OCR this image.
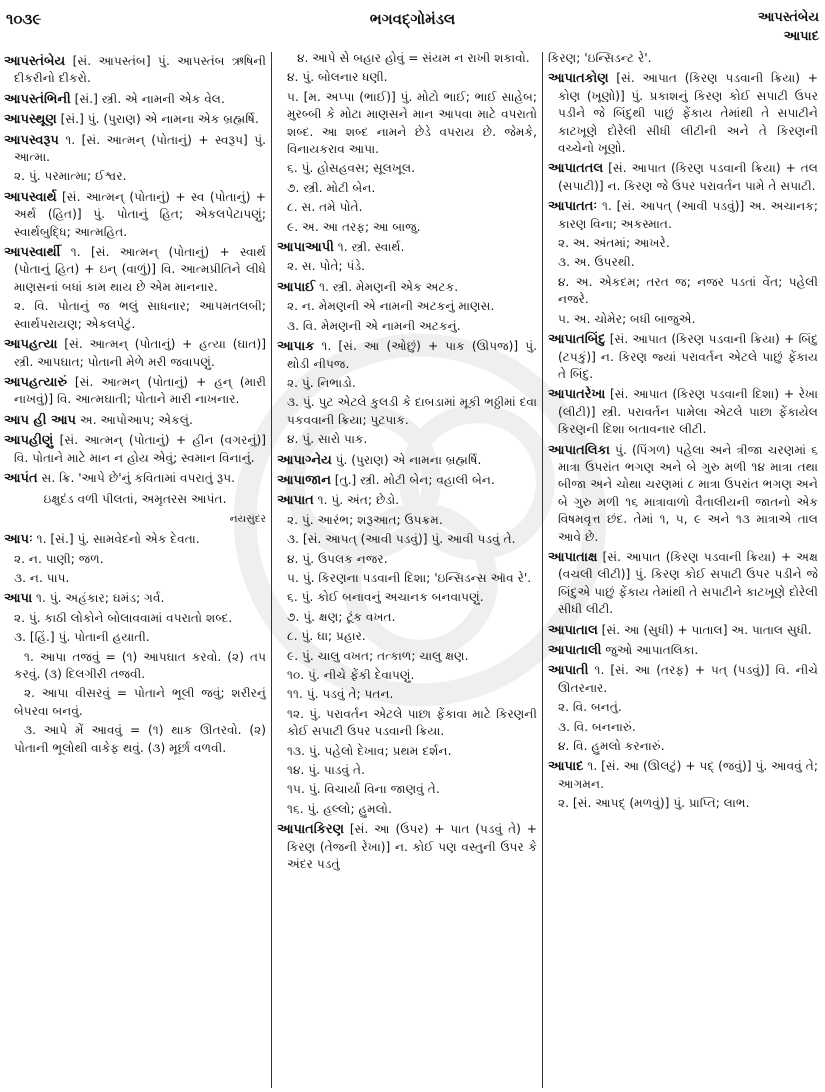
૧૦૩૯	ભગવદ્ગોમંડલ	આપસ્તંબેય
આપાદ

આપસ્તંબેય [સં. આપસ્તંબ] પું. આપસ્તંબ ઋષિની દીકરીનો દીકરો.

આપસ્તંભિની [સં.] સ્ત્રી. એ નામની એક વેલ.

આપસ્થૂણ [સં.] પું. (પુરાણ) એ નામના એક બ્રહ્મર્ષિ.

આપસ્વરૂપ ૧. [સં. આત્મન્ (પોતાનું) + સ્વરૂપ] પું. આત્મા.

૨. પું. પરમાત્મા; ઈશ્વર.

આપસ્વાર્થ [સં. આત્મન્ (પોતાનું) + સ્વ (પોતાનું) + અર્થ (હિત)] પું. પોતાનું હિત; એકલપેટાપણું; સ્વાર્થબુદ્ધિ; આત્મહિત.

આપસ્વાર્થી ૧. [સં. આત્મન્ (પોતાનું) + સ્વાર્થ (પોતાનું હિત) + ઇન્ (વાળું)] વિ. આત્મપ્રીતિને લીધે માણસનાં બધાં કામ થાય છે એમ માનનાર.

૨. વિ. પોતાનું જ ભલું સાધનાર; આપમતલબી; સ્વાર્થપરાયણ; એકલપેટું.

આપહત્યા [સં. આત્મન્ (પોતાનું) + હત્યા (ઘાત)] સ્ત્રી. આપઘાત; પોતાની મેળે મરી જવાપણું.

આપહત્યારું [સં. આત્મન્ (પોતાનું) + હન્ (મારી નાખવું)] વિ. આત્મઘાતી; પોતાને મારી નાખનાર.

આપ હી આપ અ. આપોઆપ; એકલું.

આપહીણું [સં. આત્મન્ (પોતાનું) + હીન (વગરનું)] વિ. પોતાને માટે માન ન હોય એવું; સ્વમાન વિનાનું.

આપંત સ. ક્રિ. 'આપે છે'નું કવિતામાં વપરાતું રૂપ.

ઇક્ષુદંડ વળી પીલતાં, અમૃતરસ આપંત.

નયસુંદર

આપઃ ૧. [સં.] પું. સામવેદનો એક દેવતા.

૨. ન. પાણી; જળ.

૩. ન. પાપ.

આપા ૧. પું. અહંકાર; ઘમંડ; ગર્વ.

૨. પું. કાઠી લોકોને બોલાવવામાં વપરાતો શબ્દ.

૩. [હિં.] પું. પોતાની હયાતી.

૧. આપા તજવું = (૧) આપઘાત કરવો. (૨) તપ કરવું. (૩) દિલગીરી તજવી.

૨. આપા વીસરવું = પોતાને ભૂલી જવું; શરીરનું બેપરવા બનવું.

૩. આપે મેં આવવું = (૧) થાક ઊતરવો. (૨) પોતાની ભૂલોથી વાકેફ થવું. (૩) મૂર્છા વળવી.

૪. આપે સે બહાર હોવું = સંયમ ન રાખી શકાવો.

૪. પું. બોલનાર ધણી.

૫. [મ. અપ્પા (ભાઈ)] પું. મોટો ભાઈ; ભાઈ સાહેબ; મુરબ્બી કે મોટા માણસને માન આપવા માટે વપરાતો શબ્દ. આ શબ્દ નામને છેડે વપરાય છે. જેમકે, વિનાયકરાવ આપા.

૬. પું. હોસહવસ; સૂલખૂલ.

૭. સ્ત્રી. મોટી બેન.

૮. સ. તમે પોતે.

૯. અ. આ તરફ; આ બાજુ.

આપાઆપી ૧. સ્ત્રી. સ્વાર્થ.

૨. સ. પોતે; પંડે.

આપાઈ ૧. સ્ત્રી. મેમણની એક અટક.

૨. ન. મેમણની એ નામની અટકનું માણસ.

૩. વિ. મેમણની એ નામની અટકનું.

આપાક ૧. [સં. આ (ઓછું) + પાક (ઊપજ)] પું. થોડી નીપજ.

૨. પું. નિભાડો.

૩. પું. પુટ એટલે કુલડી કે દાબડામાં મૂકી ભઠ્ઠીમાં દવા પકવવાની ક્રિયા; પુટપાક.

૪. પું. સારો પાક.

આપાગ્નેય પું. (પુરાણ) એ નામના બ્રહ્મર્ષિ.

આપાજાન [તુ.] સ્ત્રી. મોટી બેન; વહાલી બેન.

આપાત ૧. પું. અંત; છેડો.

૨. પું. આરંભ; શરૂઆત; ઉપક્રમ.

૩. [સં. આપત્ (આવી પડવું)] પું. આવી પડવું તે.

૪. પું. ઉપલક નજર.

૫. પું. કિરણના પડવાની દિશા; 'ઇન્સિડન્સ ઑવ રે'.

૬. પું. કોઈ બનાવનું અચાનક બનવાપણું.

૭. પું. ક્ષણ; ટૂંક વખત.

૮. પું. ઘા; પ્રહાર.

૯. પું. ચાલુ વખત; તત્કાળ; ચાલુ ક્ષણ.

૧૦. પું. નીચે ફેંકી દેવાપણું.

૧૧. પું. પડવું તે; પતન.

૧૨. પું. પરાવર્તન એટલે પાછા ફેંકાવા માટે કિરણની કોઈ સપાટી ઉપર પડવાની ક્રિયા.

૧૩. પું. પહેલો દેખાવ; પ્રથમ દર્શન.

૧૪. પું. પાડવું તે.

૧૫. પું. વિચાર્યા વિના જાણવું તે.

૧૬. પું. હલ્લો; હુમલો.

આપાતકિરણ [સં. આ (ઉપર) + પાત (પડવું તે) + કિરણ (તેજની રેખા)] ન. કોઈ પણ વસ્તુની ઉપર કે અંદર પડતું

કિરણ; 'ઇન્સિડન્ટ રે'.

આપાતકોણ [સં. આપાત (કિરણ પડવાની ક્રિયા) + કોણ (ખૂણો)] પું. પ્રકાશનું કિરણ કોઈ સપાટી ઉપર પડીને જે બિંદુથી પાછું ફેંકાય તેમાંથી તે સપાટીને કાટખૂણે દોરેલી સીધી લીટીની અને તે કિરણની વચ્ચેનો ખૂણો.

આપાતતલ [સં. આપાત (કિરણ પડવાની ક્રિયા) + તલ (સપાટી)] ન. કિરણ જે ઉપર પરાવર્તન પામે તે સપાટી.

આપાતતઃ ૧. [સં. આપત્ (આવી પડવું)] અ. અચાનક; કારણ વિના; અકસ્માત.

૨. અ. અંતમાં; આખરે.

૩. અ. ઉપરથી.

૪. અ. એકદમ; તરત જ; નજર પડતાં વેંત; પહેલી નજરે.

૫. અ. ચોમેર; બધી બાજુએ.

આપાતબિંદુ [સં. આપાત (કિરણ પડવાની ક્રિયા) + બિંદુ (ટપકું)] ન. કિરણ જ્યાં પરાવર્તન એટલે પાછું ફેંકાય તે બિંદુ.

આપાતરેખા [સં. આપાત (કિરણ પડવાની દિશા) + રેખા (લીટી)] સ્ત્રી. પરાવર્તન પામેલા એટલે પાછા ફેંકાયેલ કિરણની દિશા બતાવનાર લીટી.

આપાતલિકા પું. (પિંગળ) પહેલા અને ત્રીજા ચરણમાં ૬ માત્રા ઉપરાંત ભગણ અને બે ગુરુ મળી ૧૪ માત્રા તથા બીજા અને ચોથા ચરણમાં ૮ માત્રા ઉપરાંત ભગણ અને બે ગુરુ મળી ૧૬ માત્રાવાળો વૈતાલીયની જાતનો એક વિષમવૃત્ત છંદ. તેમાં ૧, ૫, ૯ અને ૧૩ માત્રાએ તાલ આવે છે.

આપાતાક્ષ [સં. આપાત (કિરણ પડવાની ક્રિયા) + અક્ષ (વચલી લીટી)] પું. કિરણ કોઈ સપાટી ઉપર પડીને જે બિંદુએ પાછું ફેંકાય તેમાંથી તે સપાટીને કાટખૂણે દોરેલી સીધી લીટી.

આપાતાલ [સં. આ (સુધી) + પાતાલ] અ. પાતાલ સુધી.

આપાતાલી જુઓ આપાતલિકા.

આપાતી ૧. [સં. આ (તરફ) + પત્ (પડવું)] વિ. નીચે ઊતરનાર.

૨. વિ. બનતું.

૩. વિ. બનનારું.

૪. વિ. હુમલો કરનારું.

આપાદ ૧. [સં. આ (ઊલટું) + પદ્ (જવું)] પું. આવવું તે; આગમન.

૨. [સં. આપદ્ (મળવું)] પું. પ્રાપ્તિ; લાભ.
